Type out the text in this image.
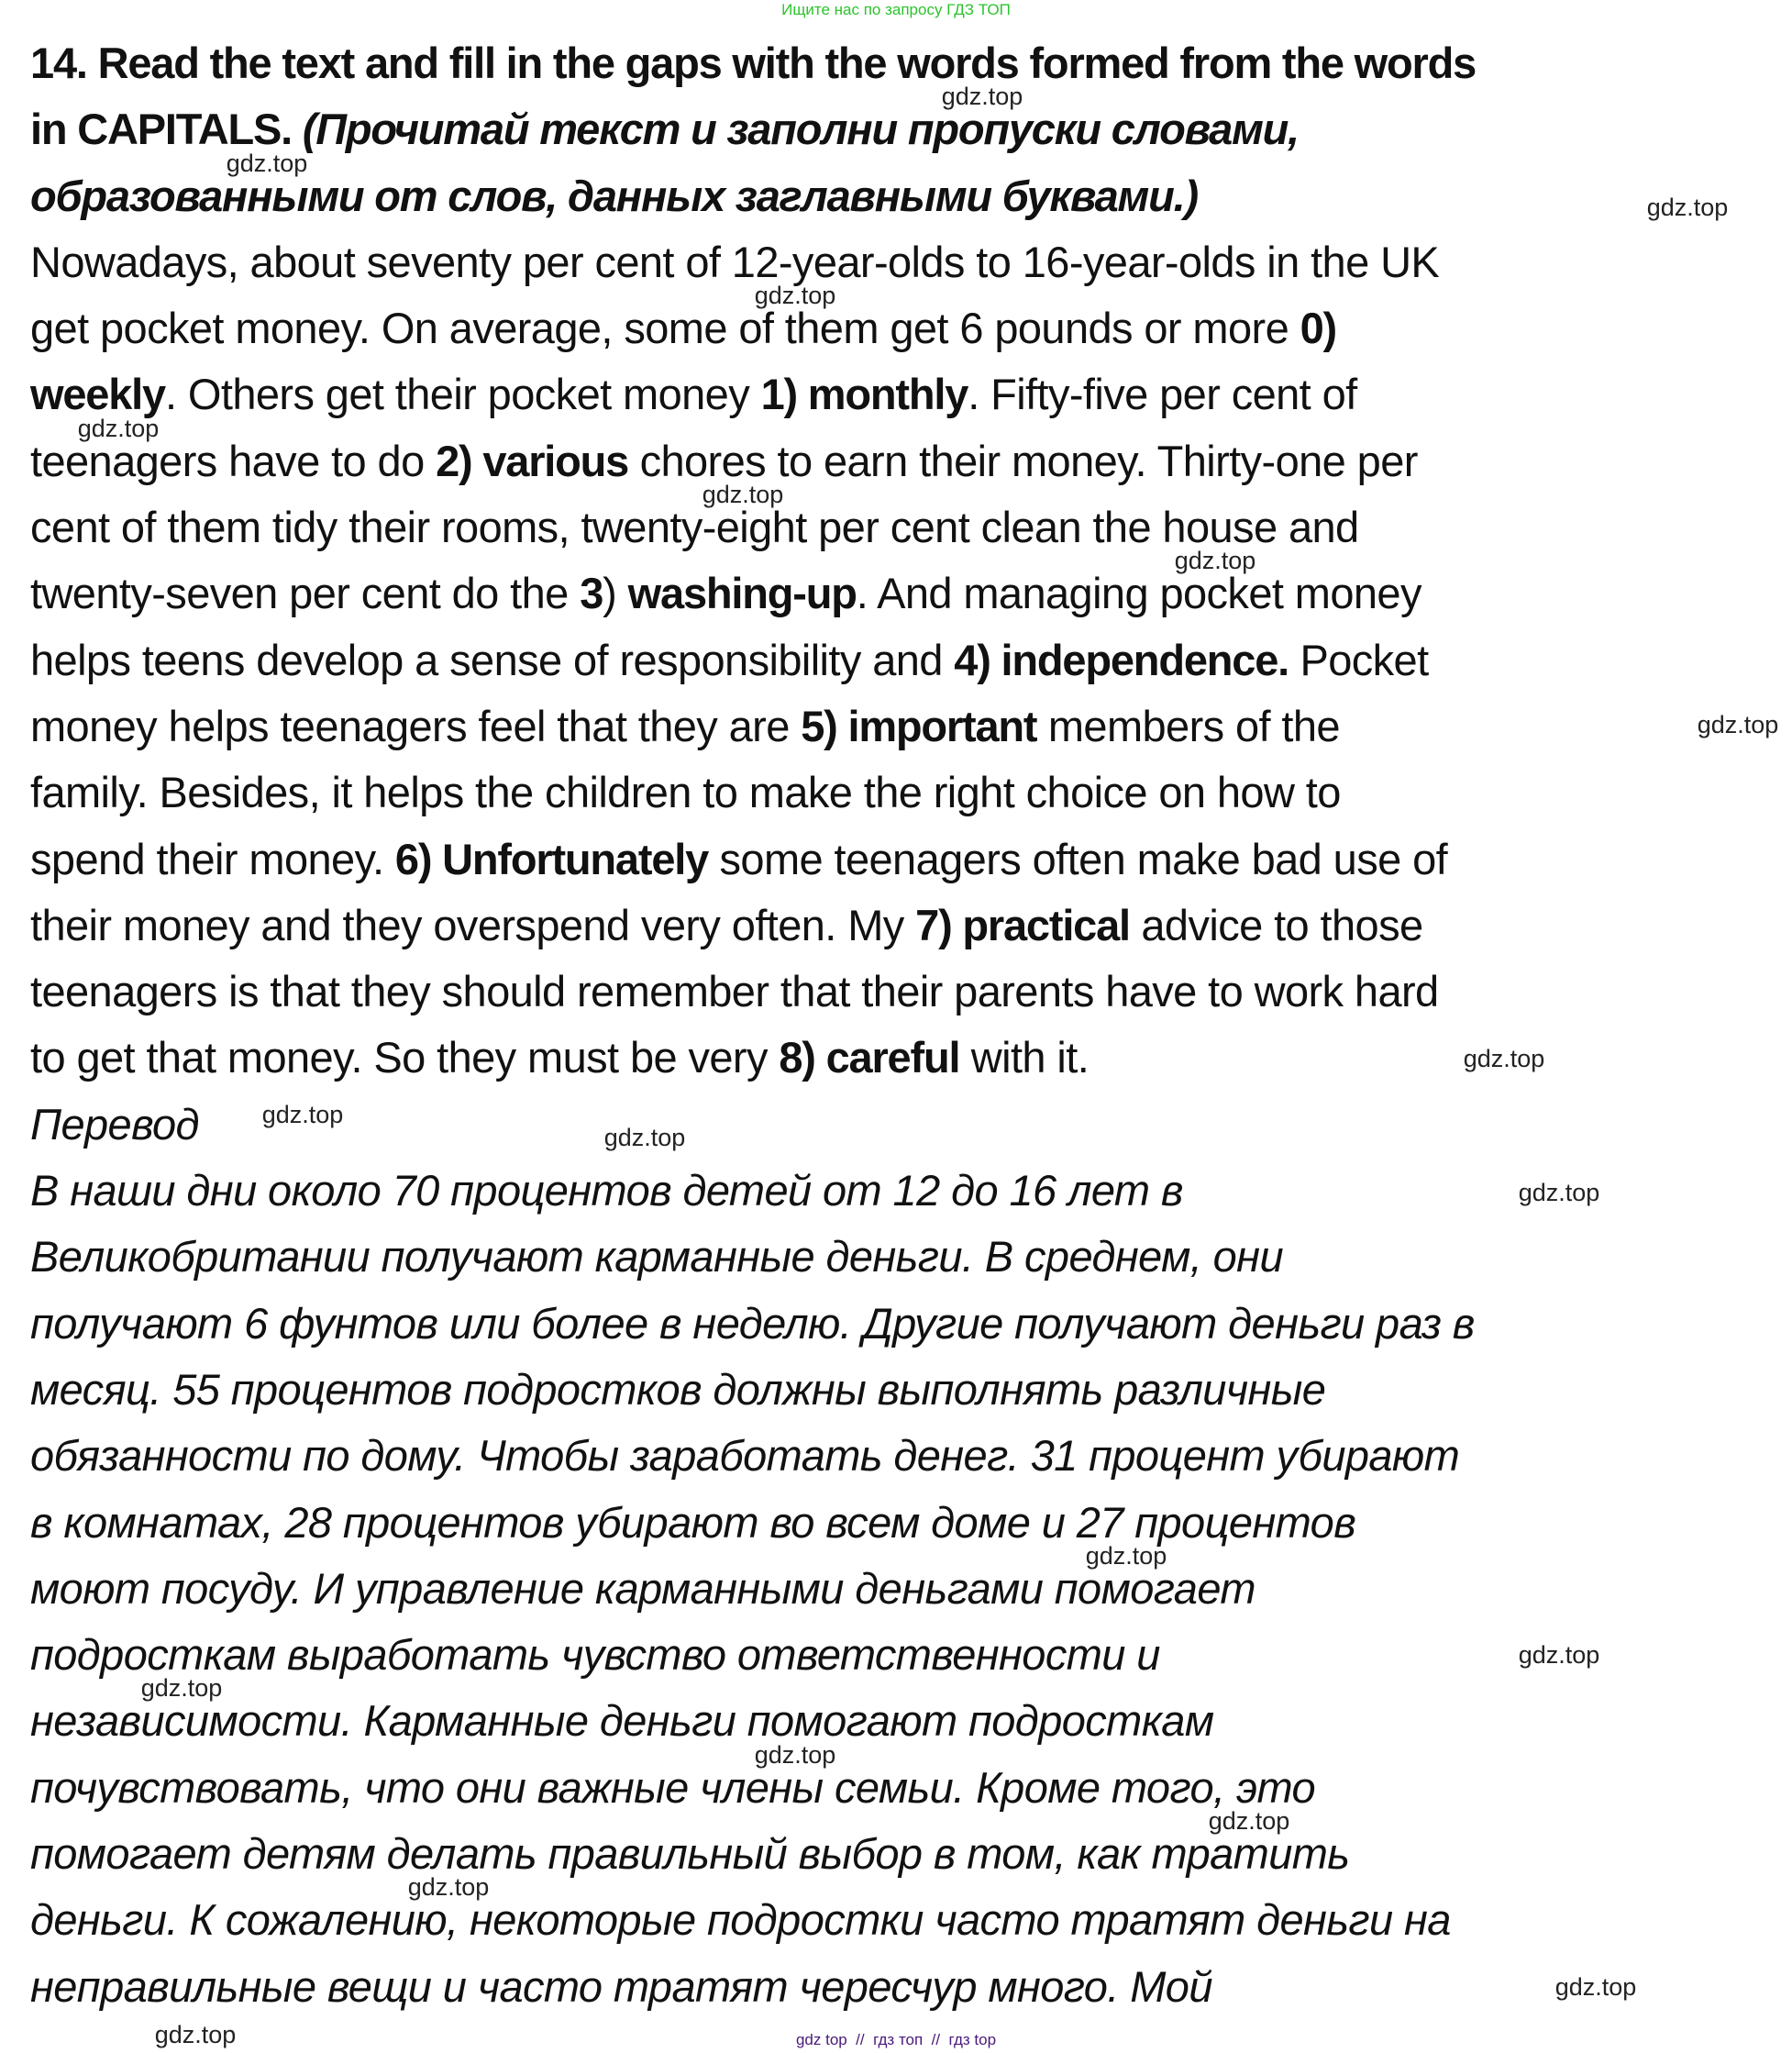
Ищите нас по запросу ГДЗ ТОП
14. Read the text and fill in the gaps with the words formed from the words
in CAPITALS. (Прочитай текст и заполни пропуски словами,
образованными от слов, данных заглавными буквами.)
Nowadays, about seventy per cent of 12-year-olds to 16-year-olds in the UK
get pocket money. On average, some of them get 6 pounds or more 0)
weekly. Others get their pocket money 1) monthly. Fifty-five per cent of
teenagers have to do 2) various chores to earn their money. Thirty-one per
cent of them tidy their rooms, twenty-eight per cent clean the house and
twenty-seven per cent do the 3) washing-up. And managing pocket money
helps teens develop a sense of responsibility and 4) independence. Pocket
money helps teenagers feel that they are 5) important members of the
family. Besides, it helps the children to make the right choice on how to
spend their money. 6) Unfortunately some teenagers often make bad use of
their money and they overspend very often. My 7) practical advice to those
teenagers is that they should remember that their parents have to work hard
to get that money. So they must be very 8) careful with it.
Перевод
В наши дни около 70 процентов детей от 12 до 16 лет в
Великобритании получают карманные деньги. В среднем, они
получают 6 фунтов или более в неделю. Другие получают деньги раз в
месяц. 55 процентов подростков должны выполнять различные
обязанности по дому. Чтобы заработать денег. 31 процент убирают
в комнатах, 28 процентов убирают во всем доме и 27 процентов
моют посуду. И управление карманными деньгами помогает
подросткам выработать чувство ответственности и
независимости. Карманные деньги помогают подросткам
почувствовать, что они важные члены семьи. Кроме того, это
помогает детям делать правильный выбор в том, как тратить
деньги. К сожалению, некоторые подростки часто тратят деньги на
неправильные вещи и часто тратят чересчур много. Мой
gdz.top
gdz.top
gdz.top
gdz.top
gdz.top
gdz.top
gdz.top
gdz.top
gdz.top
gdz.top
gdz.top
gdz.top
gdz.top
gdz.top
gdz.top
gdz.top
gdz.top
gdz.top
gdz.top
gdz.top	gdz top  //  гдз топ  //  гдз top
